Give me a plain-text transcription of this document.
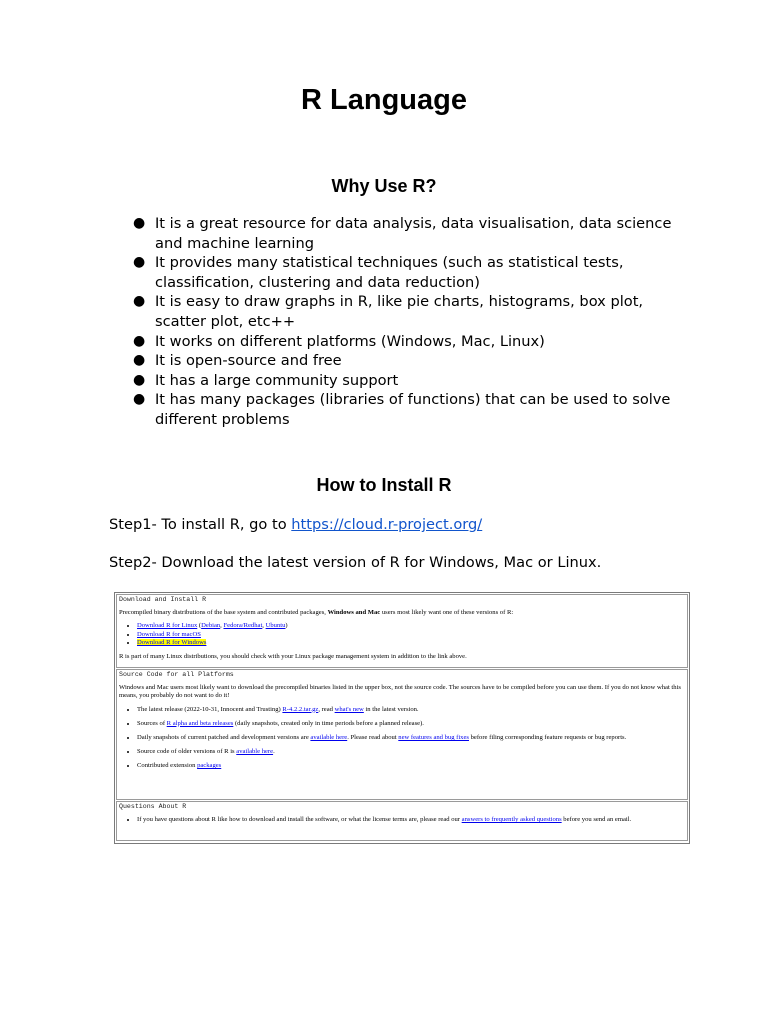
R Language
Why Use R?
● It is a great resource for data analysis, data visualisation, data science and machine learning
● It provides many statistical techniques (such as statistical tests, classification, clustering and data reduction)
● It is easy to draw graphs in R, like pie charts, histograms, box plot, scatter plot, etc++
● It works on different platforms (Windows, Mac, Linux)
● It is open-source and free
● It has a large community support
● It has many packages (libraries of functions) that can be used to solve different problems
How to Install R
Step1- To install R, go to https://cloud.r-project.org/
Step2- Download the latest version of R for Windows, Mac or Linux.
Download and Install R

Precompiled binary distributions of the base system and contributed packages, Windows and Mac users most likely want one of these versions of R:

• Download R for Linux (Debian, Fedora/Redhat, Ubuntu)
• Download R for macOS
• Download R for Windows

R is part of many Linux distributions, you should check with your Linux package management system in addition to the link above.

Source Code for all Platforms

Windows and Mac users most likely want to download the precompiled binaries listed in the upper box, not the source code. The sources have to be compiled before you can use them. If you do not know what this means, you probably do not want to do it!

• The latest release (2022-10-31, Innocent and Trusting) R-4.2.2.tar.gz, read what's new in the latest version.
• Sources of R alpha and beta releases (daily snapshots, created only in time periods before a planned release).
• Daily snapshots of current patched and development versions are available here. Please read about new features and bug fixes before filing corresponding feature requests or bug reports.
• Source code of older versions of R is available here.
• Contributed extension packages
Questions About R
• If you have questions about R like how to download and install the software, or what the license terms are, please read our answers to frequently asked questions before you send an email.
